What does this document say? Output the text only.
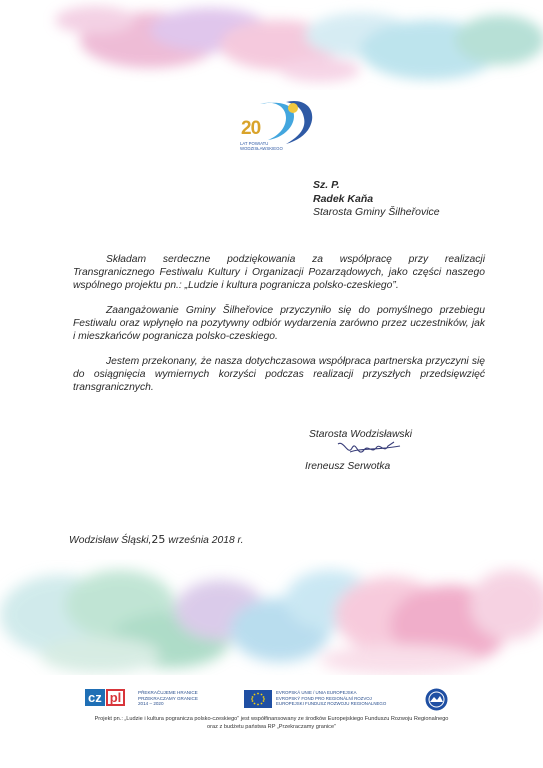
20
LAT POWIATU
WODZISŁAWSKIEGO
Sz. P.
Radek Kaňa
Starosta Gminy Šilheřovice

Składam serdeczne podziękowania za współpracę przy realizacji Transgranicznego Festiwalu Kultury i Organizacji Pozarządowych, jako części naszego wspólnego projektu pn.: „Ludzie i kultura pogranicza polsko-czeskiego”.

Zaangażowanie Gminy Šilheřovice przyczyniło się do pomyślnego przebiegu Festiwalu oraz wpłynęło na pozytywny odbiór wydarzenia zarówno przez uczestników, jak i mieszkańców pogranicza polsko-czeskiego.

Jestem przekonany, że nasza dotychczasowa współpraca partnerska przyczyni się do osiągnięcia wymiernych korzyści podczas realizacji przyszłych przedsięwzięć transgranicznych.

Starosta Wodzisławski
Ireneusz Serwotka
Wodzisław Śląski,25 września 2018 r.
cz pl	PŘEKRAČUJEME HRANICE
PRZEKRACZAMY GRANICE
2014 – 2020
EVROPSKÁ UNIE / UNIA EUROPEJSKA
EVROPSKÝ FOND PRO REGIONÁLNÍ ROZVOJ
EUROPEJSKI FUNDUSZ ROZWOJU REGIONALNEGO
Projekt pn.: „Ludzie i kultura pogranicza polsko-czeskiego” jest współfinansowany ze środków Europejskiego Funduszu Rozwoju Regionalnego
oraz z budżetu państwa RP „Przekraczamy granice”
